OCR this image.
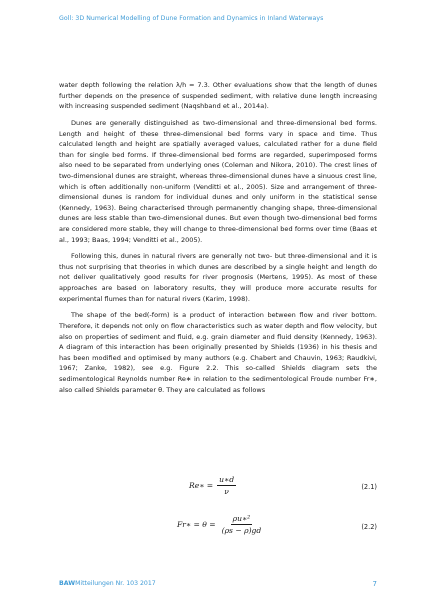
Goll: 3D Numerical Modelling of Dune Formation and Dynamics in Inland Waterways

water depth following the relation λ/h = 7.3. Other evaluations show that the length of dunes further depends on the presence of suspended sediment, with relative dune length increasing with increasing suspended sediment (Naqshband et al., 2014a).

Dunes are generally distinguished as two-dimensional and three-dimensional bed forms. Length and height of these three-dimensional bed forms vary in space and time. Thus calculated length and height are spatially averaged values, calculated rather for a dune field than for single bed forms. If three-dimensional bed forms are regarded, superimposed forms also need to be separated from underlying ones (Coleman and Nikora, 2010). The crest lines of two-dimensional dunes are straight, whereas three-dimensional dunes have a sinuous crest line, which is often additionally non-uniform (Venditti et al., 2005). Size and arrangement of three-dimensional dunes is random for individual dunes and only uniform in the statistical sense (Kennedy, 1963). Being characterised through permanently changing shape, three-dimensional dunes are less stable than two-dimensional dunes. But even though two-dimensional bed forms are considered more stable, they will change to three-dimensional bed forms over time (Baas et al., 1993; Baas, 1994; Venditti et al., 2005).

Following this, dunes in natural rivers are generally not two- but three-dimensional and it is thus not surprising that theories in which dunes are described by a single height and length do not deliver qualitatively good results for river prognosis (Mertens, 1995). As most of these approaches are based on laboratory results, they will produce more accurate results for experimental flumes than for natural rivers (Karim, 1998).

The shape of the bed(-form) is a product of interaction between flow and river bottom. Therefore, it depends not only on flow characteristics such as water depth and flow velocity, but also on properties of sediment and fluid, e.g. grain diameter and fluid density (Kennedy, 1963). A diagram of this interaction has been originally presented by Shields (1936) in his thesis and has been modified and optimised by many authors (e.g. Chabert and Chauvin, 1963; Raudkivi, 1967; Zanke, 1982), see e.g. Figure 2.2. This so-called Shields diagram sets the sedimentological Reynolds number Re∗ in relation to the sedimentological Froude number Fr∗, also called Shields parameter θ. They are calculated as follows

Re∗ = $\frac{u∗d}{\nu}$	(2.1)
Fr∗ = $\theta = \frac{\text{ρu∗²}}{(\rho s - \rho)gd}$	(2.2)
BAWMitteilungen Nr. 103 2017	7
